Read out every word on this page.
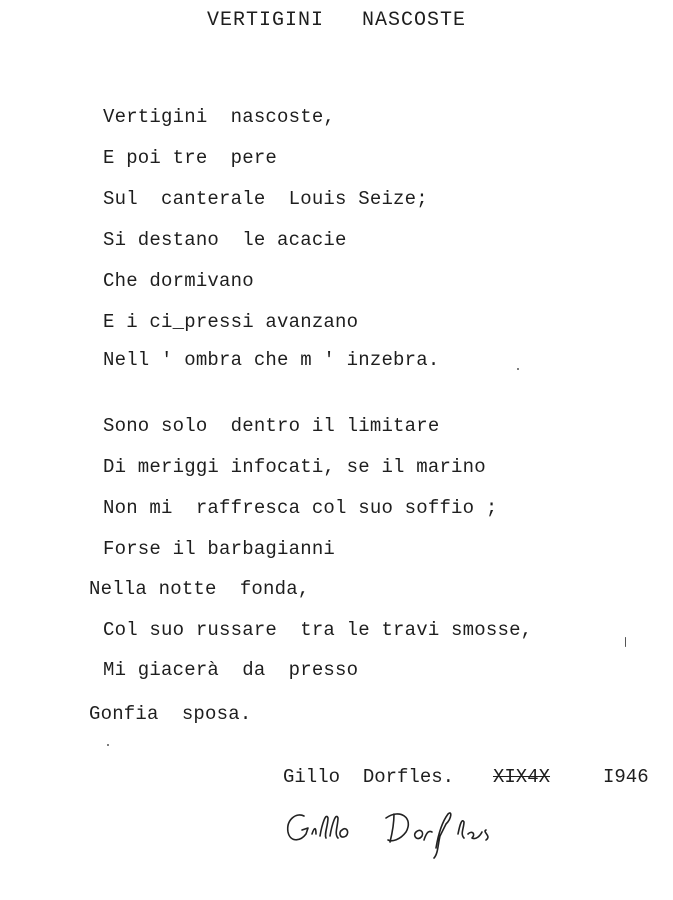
VERTIGINI  NASCOSTE
Vertigini  nascoste,
E poi tre  pere
Sul  canterale  Louis Seize;
Si destano  le acacie
Che dormivano
E i ci_pressi avanzano
Nell ' ombra che m ' inzebra.
Sono solo  dentro il limitare
Di meriggi infocati, se il marino
Non mi  raffresca col suo soffio ;
Forse il barbagianni
Nella notte  fonda,
Col suo russare  tra le travi smosse,
Mi giacerà  da  presso
Gonfia  sposa.
Gillo  Dorfles. XIX4X	I946
